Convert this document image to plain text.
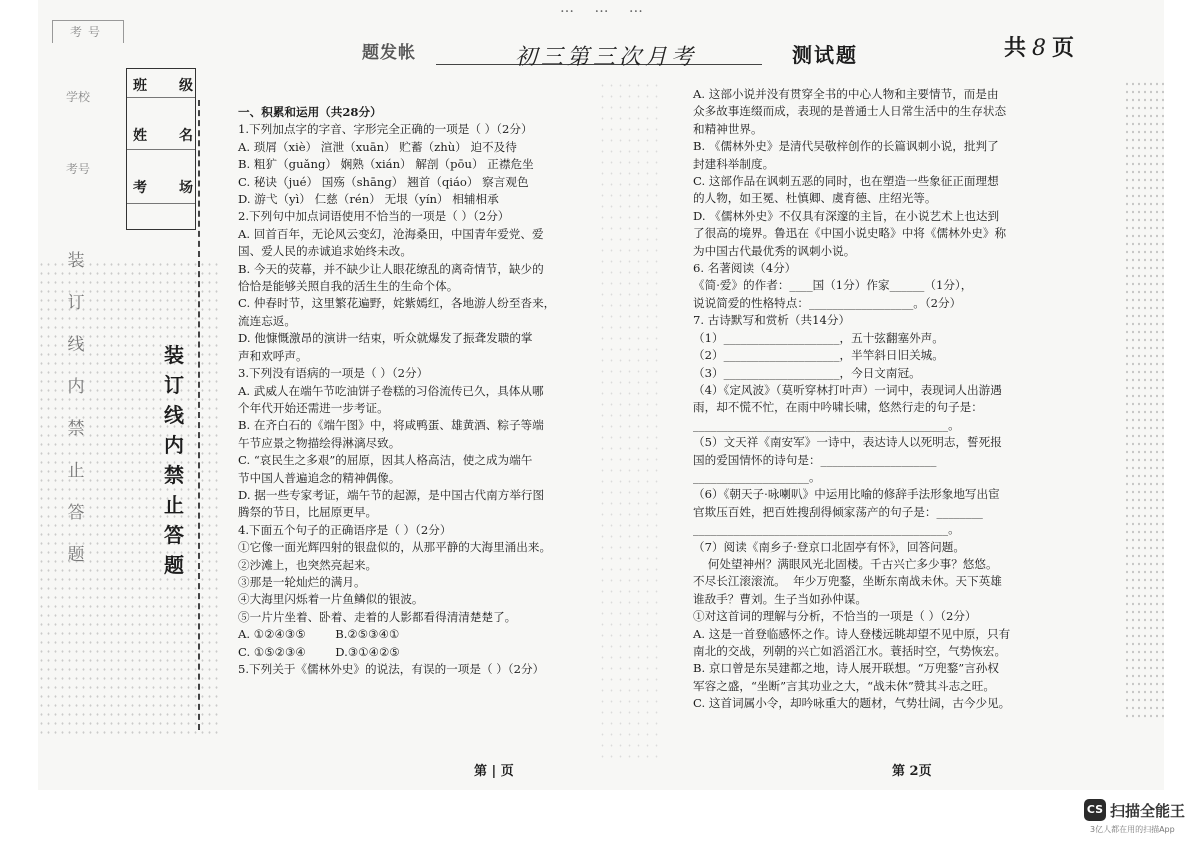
考号
… … …
题发帐	初三第三次月考	测试题	共 8 页
班 级
姓 名
考 场
学校
考号
装订线内禁止答题
装订线内禁止答题
一、积累和运用（共28分）
1.下列加点字的字音、字形完全正确的一项是（ ）（2分）
A. 琐屑（xiè） 渲泄（xuān） 贮蓄（zhù） 迫不及待
B. 粗犷（guǎng） 娴熟（xián） 解剖（pōu） 正襟危坐
C. 秘诀（jué） 国殇（shāng） 翘首（qiáo） 察言观色
D. 游弋（yì） 仁慈（rén） 无垠（yín） 相辅相承
2.下列句中加点词语使用不恰当的一项是（ ）（2分）
A. 回首百年，无论风云变幻，沧海桑田，中国青年爱党、爱
国、爱人民的赤诚追求始终未改。
B. 今天的荧幕，并不缺少让人眼花缭乱的离奇情节，缺少的
恰恰是能够关照自我的活生生的生命个体。
C. 仲春时节，这里繁花遍野，姹紫嫣红，各地游人纷至沓来，
流连忘返。
D. 他慷慨激昂的演讲一结束，听众就爆发了振聋发聩的掌
声和欢呼声。
3.下列没有语病的一项是（ ）（2分）
A. 武威人在端午节吃油饼子卷糕的习俗流传已久，具体从哪
个年代开始还需进一步考证。
B. 在齐白石的《端午图》中，将咸鸭蛋、雄黄酒、粽子等端
午节应景之物描绘得淋漓尽致。
C. “哀民生之多艰”的屈原，因其人格高洁，使之成为端午
节中国人普遍追念的精神偶像。
D. 据一些专家考证，端午节的起源，是中国古代南方举行图
腾祭的节日，比屈原更早。
4.下面五个句子的正确语序是（ ）（2分）
①它像一面光辉四射的银盘似的，从那平静的大海里涌出来。
②沙滩上，也突然亮起来。
③那是一轮灿烂的满月。
④大海里闪烁着一片鱼鳞似的银波。
⑤一片片坐着、卧着、走着的人影都看得清清楚楚了。
A. ①②④③⑤        B.②⑤③④①
C. ①⑤②③④        D.③①④②⑤
5.下列关于《儒林外史》的说法，有误的一项是（ ）（2分）
A. 这部小说并没有贯穿全书的中心人物和主要情节，而是由
众多故事连缀而成，表现的是普通士人日常生活中的生存状态
和精神世界。
B. 《儒林外史》是清代吴敬梓创作的长篇讽刺小说，批判了
封建科举制度。
C. 这部作品在讽刺五恶的同时，也在塑造一些象征正面理想
的人物，如王冕、杜慎卿、虞育德、庄绍光等。
D. 《儒林外史》不仅具有深邃的主旨，在小说艺术上也达到
了很高的境界。鲁迅在《中国小说史略》中将《儒林外史》称
为中国古代最优秀的讽刺小说。
6. 名著阅读（4分）
《简·爱》的作者：____国（1分）作家______（1分），
说说简爱的性格特点：__________________。（2分）
7. 古诗默写和赏析（共14分）
（1）____________________，五十弦翻塞外声。
（2）____________________，半竿斜日旧关城。
（3）____________________，今日文南冠。
（4）《定风波》（莫听穿林打叶声）一词中，表现词人出游遇
雨，却不慌不忙，在雨中吟啸长啸，悠然行走的句子是：
____________________________________________。
（5）文天祥《南安军》一诗中，表达诗人以死明志，誓死报
国的爱国情怀的诗句是：____________________
____________________。
（6）《朝天子·咏喇叭》中运用比喻的修辞手法形象地写出宦
官欺压百姓，把百姓搜刮得倾家荡产的句子是：________
____________________________________________。
（7）阅读《南乡子·登京口北固亭有怀》，回答问题。
何处望神州？满眼风光北固楼。千古兴亡多少事？悠悠。
不尽长江滚滚流。  年少万兜鍪，坐断东南战未休。天下英雄
谁敌手？曹刘。生子当如孙仲谋。
①对这首词的理解与分析，不恰当的一项是（ ）（2分）
A. 这是一首登临感怀之作。诗人登楼远眺却望不见中原，只有
南北的交战，列朝的兴亡如滔滔江水。蓑括时空，气势恢宏。
B. 京口曾是东吴建都之地，诗人展开联想。“万兜鍪”言孙权
军容之盛，“坐断”言其功业之大，“战未休”赞其斗志之旺。
C. 这首词属小令，却吟咏重大的题材，气势壮阔，古今少见。
第 | 页	第 2页
CS 扫描全能王
3亿人都在用的扫描App
